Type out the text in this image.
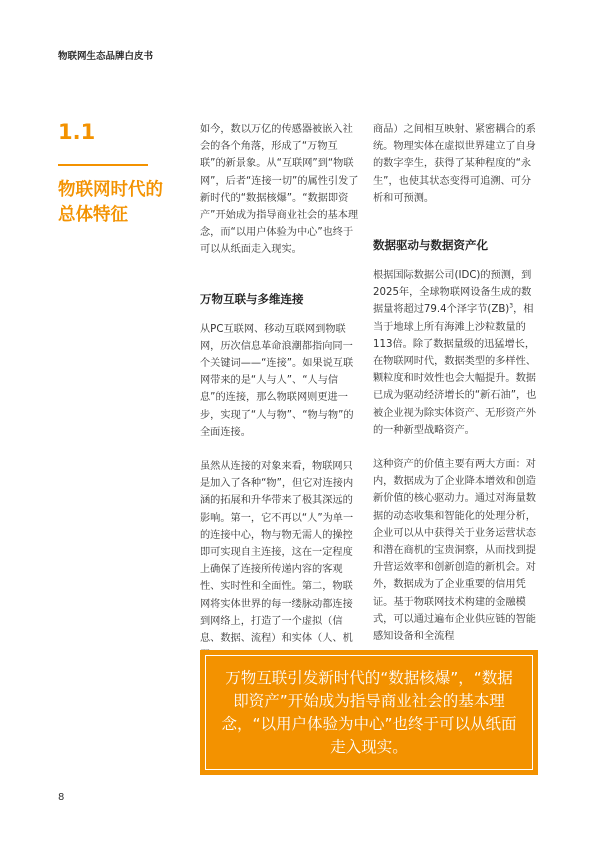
物联网生态品牌白皮书
1.1
物联网时代的总体特征

如今，数以万亿的传感器被嵌入社会的各个角落，形成了“万物互联”的新景象。从“互联网”到“物联网”，后者“连接一切”的属性引发了新时代的“数据核爆”。“数据即资产”开始成为指导商业社会的基本理念，而“以用户体验为中心”也终于可以从纸面走入现实。

万物互联与多维连接

从PC互联网、移动互联网到物联网，历次信息革命浪潮都指向同一个关键词——“连接”。如果说互联网带来的是“人与人”、“人与信息”的连接，那么物联网则更进一步，实现了“人与物”、“物与物”的全面连接。

虽然从连接的对象来看，物联网只是加入了各种“物”，但它对连接内涵的拓展和升华带来了极其深远的影响。第一，它不再以“人”为单一的连接中心，物与物无需人的操控即可实现自主连接，这在一定程度上确保了连接所传递内容的客观性、实时性和全面性。第二，物联网将实体世界的每一缕脉动都连接到网络上，打造了一个虚拟（信息、数据、流程）和实体（人、机

商品）之间相互映射、紧密耦合的系统。物理实体在虚拟世界建立了自身的数字孪生，获得了某种程度的“永生”，也使其状态变得可追溯、可分析和可预测。

数据驱动与数据资产化

根据国际数据公司(IDC)的预测，到2025年，全球物联网设备生成的数据量将超过79.4个泽字节(ZB)$^3$，相当于地球上所有海滩上沙粒数量的113倍。除了数据量级的迅猛增长，在物联网时代，数据类型的多样性、颗粒度和时效性也会大幅提升。数据已成为驱动经济增长的“新石油”，也被企业视为除实体资产、无形资产外的一种新型战略资产。

这种资产的价值主要有两大方面：对内，数据成为了企业降本增效和创造新价值的核心驱动力。通过对海量数据的动态收集和智能化的处理分析，企业可以从中获得关于业务运营状态和潜在商机的宝贵洞察，从而找到提升营运效率和创新创造的新机会。对外，数据成为了企业重要的信用凭证。基于物联网技术构建的金融模式，可以通过遍布企业供应链的智能感知设备和全流程

万物互联引发新时代的“数据核爆”，“数据即资产”开始成为指导商业社会的基本理念，“以用户体验为中心”也终于可以从纸面走入现实。
8
